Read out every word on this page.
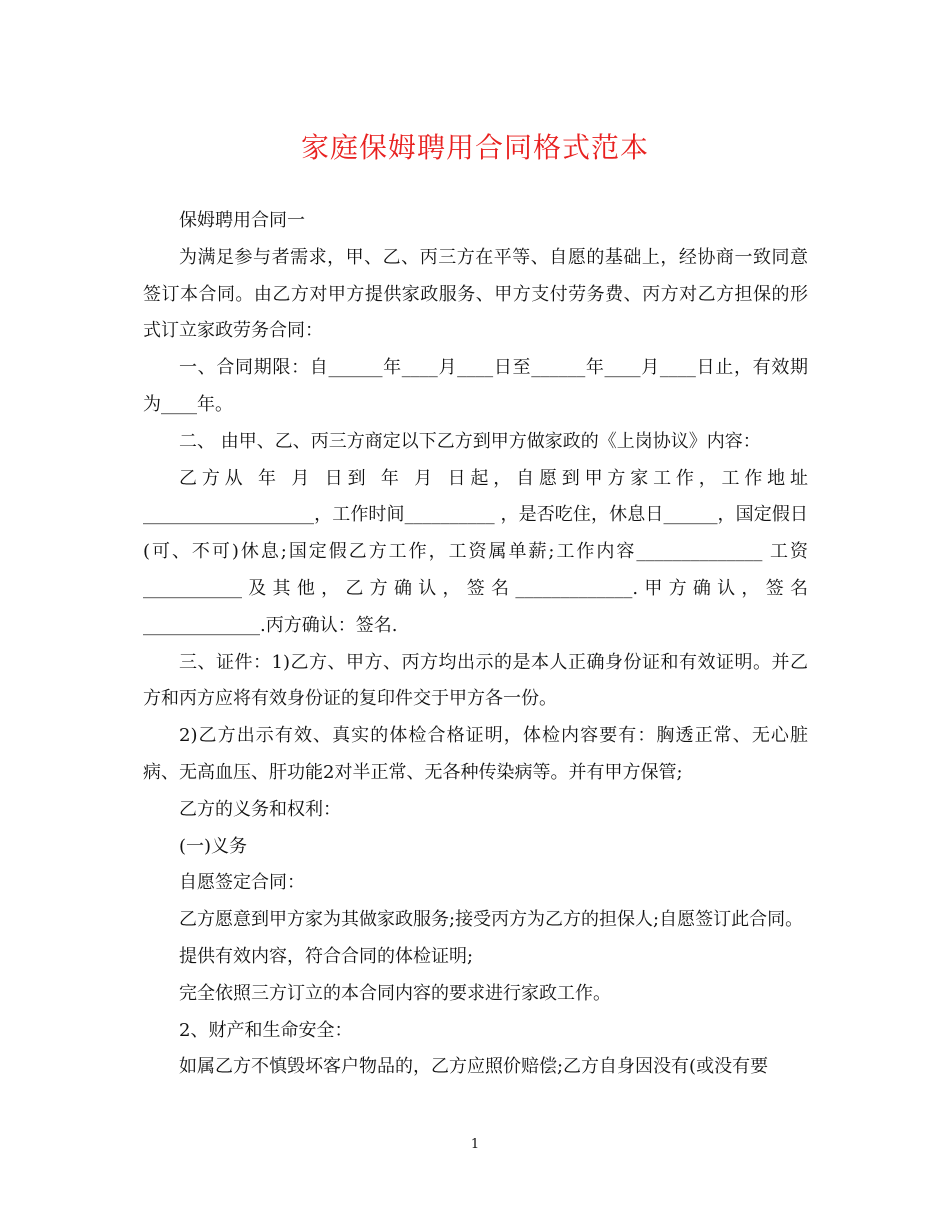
家庭保姆聘用合同格式范本

保姆聘用合同一

为满足参与者需求，甲、乙、丙三方在平等、自愿的基础上，经协商一致同意签订本合同。由乙方对甲方提供家政服务、甲方支付劳务费、丙方对乙方担保的形式订立家政劳务合同：

一、合同期限：自______年____月____日至______年____月____日止，有效期为____年。

二、 由甲、乙、丙三方商定以下乙方到甲方做家政的《上岗协议》内容：

乙方从 年 月 日到 年 月 日起，自愿到甲方家工作，工作地址___________________，工作时间__________ ，是否吃住，休息日______，国定假日(可、不可)休息;国定假乙方工作，工资属单薪;工作内容______________ 工资___________及其他，乙方确认，签名_____________.甲方确认，签名_____________.丙方确认：签名.

三、证件：1)乙方、甲方、丙方均出示的是本人正确身份证和有效证明。并乙方和丙方应将有效身份证的复印件交于甲方各一份。

2)乙方出示有效、真实的体检合格证明，体检内容要有：胸透正常、无心脏病、无高血压、肝功能2对半正常、无各种传染病等。并有甲方保管;

乙方的义务和权利：

(一)义务

自愿签定合同：

乙方愿意到甲方家为其做家政服务;接受丙方为乙方的担保人;自愿签订此合同。

提供有效内容，符合合同的体检证明;

完全依照三方订立的本合同内容的要求进行家政工作。

2、财产和生命安全：

如属乙方不慎毁坏客户物品的，乙方应照价赔偿;乙方自身因没有(或没有要

1
